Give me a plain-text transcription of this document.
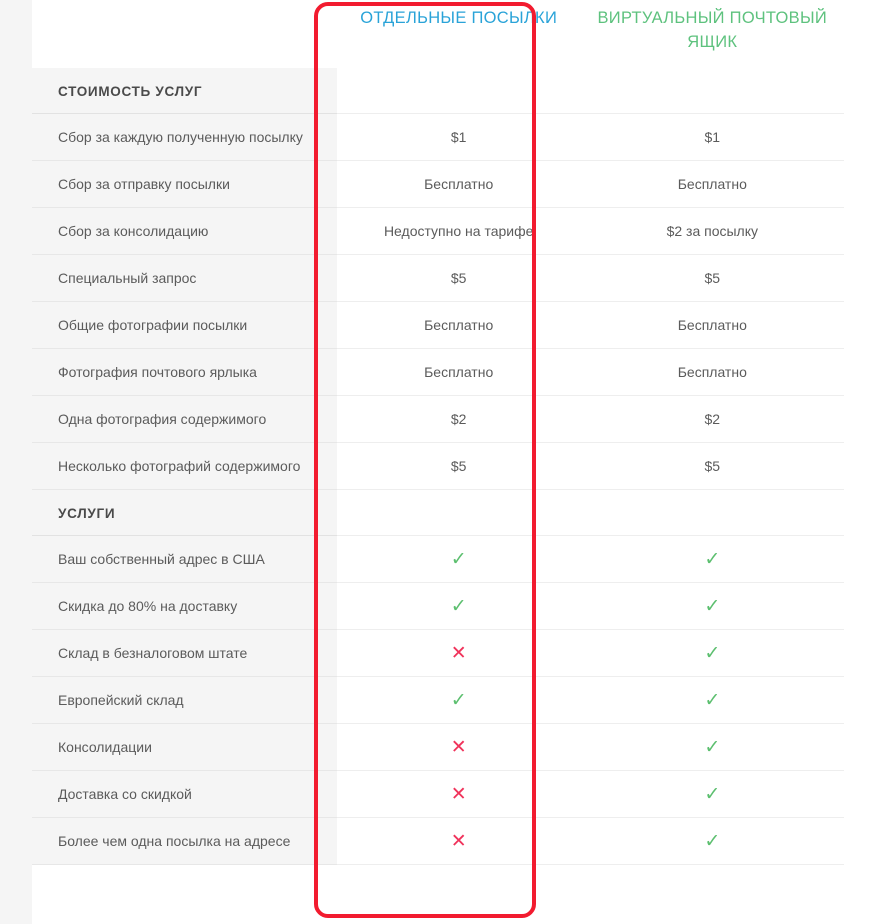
	ОТДЕЛЬНЫЕ ПОСЫЛКИ	ВИРТУАЛЬНЫЙ ПОЧТОВЫЙ ЯЩИК
СТОИМОСТЬ УСЛУГ		
Сбор за каждую полученную посылку	$1	$1
Сбор за отправку посылки	Бесплатно	Бесплатно
Сбор за консолидацию	Недоступно на тарифе	$2 за посылку
Специальный запрос	$5	$5
Общие фотографии посылки	Бесплатно	Бесплатно
Фотография почтового ярлыка	Бесплатно	Бесплатно
Одна фотография содержимого	$2	$2
Несколько фотографий содержимого	$5	$5
УСЛУГИ		
Ваш собственный адрес в США	✓	✓
Скидка до 80% на доставку	✓	✓
Склад в безналоговом штате	✕	✓
Европейский склад	✓	✓
Консолидации	✕	✓
Доставка со скидкой	✕	✓
Более чем одна посылка на адресе	✕	✓
